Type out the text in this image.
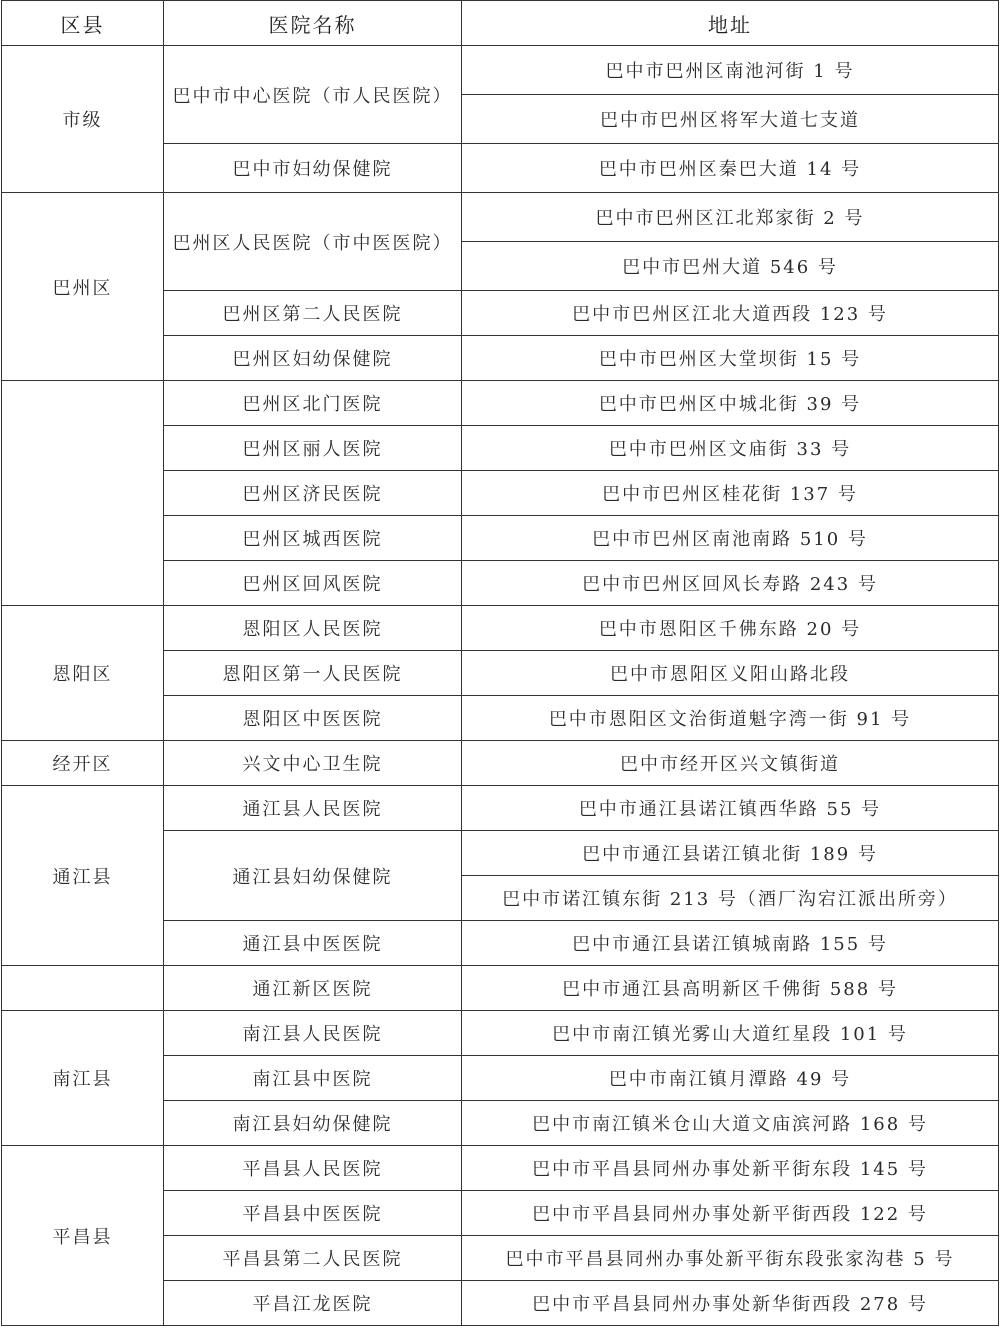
区县	医院名称	地址
市级	巴中市中心医院（市人民医院）	巴中市巴州区南池河街 1 号
		巴中市巴州区将军大道七支道
	巴中市妇幼保健院	巴中市巴州区秦巴大道 14 号
巴州区	巴州区人民医院（市中医医院）	巴中市巴州区江北郑家街 2 号
		巴中市巴州大道 546 号
	巴州区第二人民医院	巴中市巴州区江北大道西段 123 号
	巴州区妇幼保健院	巴中市巴州区大堂坝街 15 号
	巴州区北门医院	巴中市巴州区中城北街 39 号
	巴州区丽人医院	巴中市巴州区文庙街 33 号
	巴州区济民医院	巴中市巴州区桂花街 137 号
	巴州区城西医院	巴中市巴州区南池南路 510 号
	巴州区回风医院	巴中市巴州区回风长寿路 243 号
恩阳区	恩阳区人民医院	巴中市恩阳区千佛东路 20 号
	恩阳区第一人民医院	巴中市恩阳区义阳山路北段
	恩阳区中医医院	巴中市恩阳区文治街道魁字湾一街 91 号
经开区	兴文中心卫生院	巴中市经开区兴文镇街道
通江县	通江县人民医院	巴中市通江县诺江镇西华路 55 号
	通江县妇幼保健院	巴中市通江县诺江镇北街 189 号
		巴中市诺江镇东街 213 号（酒厂沟宕江派出所旁）
	通江县中医医院	巴中市通江县诺江镇城南路 155 号
	通江新区医院	巴中市通江县高明新区千佛街 588 号
南江县	南江县人民医院	巴中市南江镇光雾山大道红星段 101 号
	南江县中医院	巴中市南江镇月潭路 49 号
	南江县妇幼保健院	巴中市南江镇米仓山大道文庙滨河路 168 号
平昌县	平昌县人民医院	巴中市平昌县同州办事处新平街东段 145 号
	平昌县中医医院	巴中市平昌县同州办事处新平街西段 122 号
	平昌县第二人民医院	巴中市平昌县同州办事处新平街东段张家沟巷 5 号
	平昌江龙医院	巴中市平昌县同州办事处新华街西段 278 号
